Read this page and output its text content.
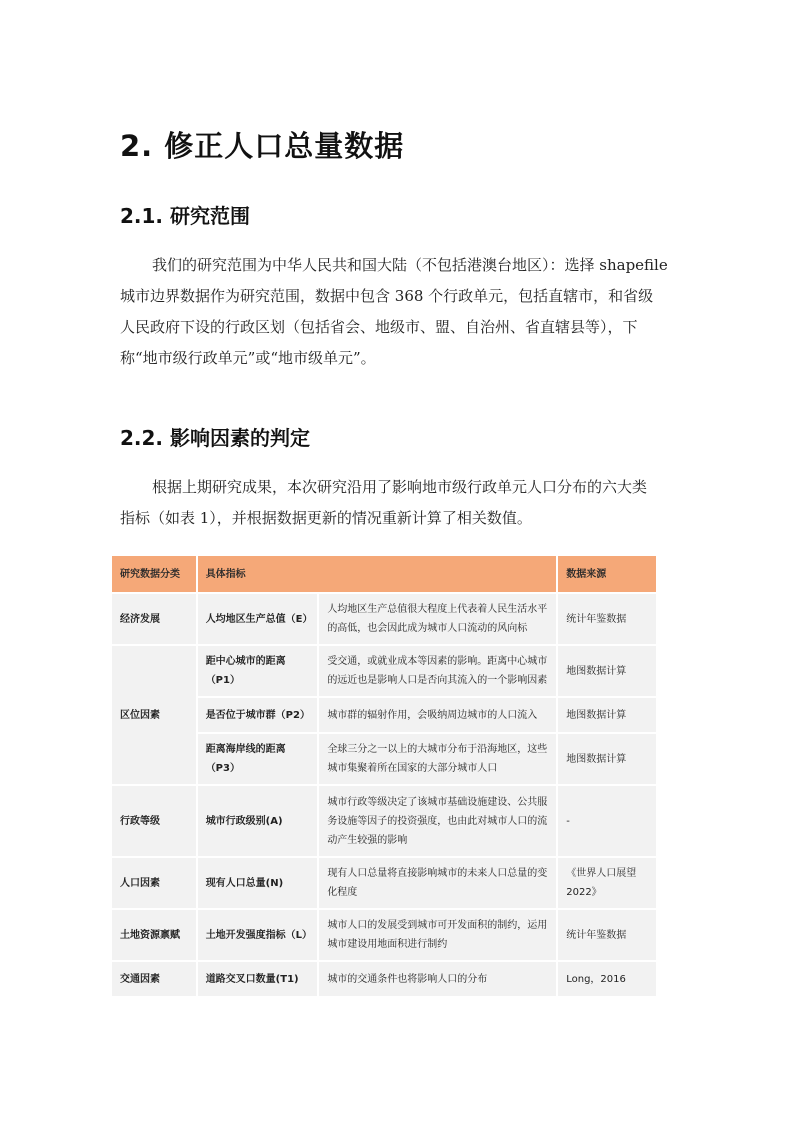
2. 修正人口总量数据
2.1. 研究范围

我们的研究范围为中华人民共和国大陆（不包括港澳台地区）：选择 shapefile
城市边界数据作为研究范围，数据中包含 368 个行政单元，包括直辖市，和省级
人民政府下设的行政区划（包括省会、地级市、盟、自治州、省直辖县等），下
称“地市级行政单元”或“地市级单元”。

2.2. 影响因素的判定

根据上期研究成果，本次研究沿用了影响地市级行政单元人口分布的六大类
指标（如表 1），并根据数据更新的情况重新计算了相关数值。

研究数据分类	具体指标		数据来源
经济发展	人均地区生产总值（E）	人均地区生产总值很大程度上代表着人民生活水平的高低，也会因此成为城市人口流动的风向标	统计年鉴数据
区位因素	距中心城市的距离（P1）	受交通，或就业成本等因素的影响。距离中心城市的远近也是影响人口是否向其流入的一个影响因素	地图数据计算
	是否位于城市群（P2）	城市群的辐射作用，会吸纳周边城市的人口流入	地图数据计算
	距离海岸线的距离（P3）	全球三分之一以上的大城市分布于沿海地区，这些城市集聚着所在国家的大部分城市人口	地图数据计算
行政等级	城市行政级别(A)	城市行政等级决定了该城市基础设施建设、公共服务设施等因子的投资强度，也由此对城市人口的流动产生较强的影响	-
人口因素	现有人口总量(N)	现有人口总量将直接影响城市的未来人口总量的变化程度	《世界人口展望 2022》
土地资源禀赋	土地开发强度指标（L）	城市人口的发展受到城市可开发面积的制约，运用城市建设用地面积进行制约	统计年鉴数据
交通因素	道路交叉口数量(T1)	城市的交通条件也将影响人口的分布	Long，2016
